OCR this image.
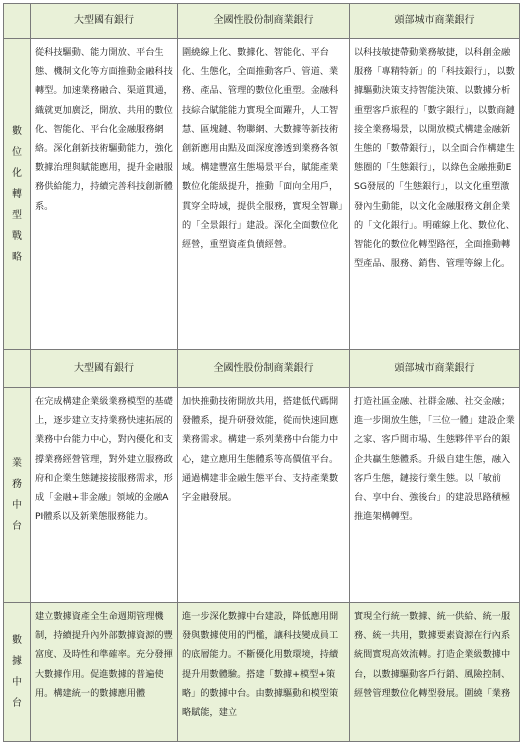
	大型國有銀行	全國性股份制商業銀行	頭部城市商業銀行
數位化轉型戰略	從科技驅動、能力開放、平台生態、機制文化等方面推動金融科技轉型。加速業務融合、渠道貫通，織就更加廣泛，開放、共用的數位化、智能化、平台化金融服務網絡。深化創新技術驅動能力，強化數據治理與賦能應用，提升金融服務供給能力，持續完善科技創新體系。	圍繞線上化、數據化、智能化、平台化、生態化，全面推動客戶、管道、業務、產品、管理的數位化重塑。金融科技綜合賦能能力實現全面躍升，人工智慧、區塊鏈、物聯網、大數據等新技術創新應用由點及面深度滲透到業務各領域。構建豐富生態場景平台，賦能產業數位化能級提升，推動「面向全用戶，貫穿全時域，提供全服務，實現全智聯」的「全景銀行」建設。深化全面數位化經營，重塑資產負債經營。	以科技敏捷帶動業務敏捷，以科創金融服務「專精特新」的「科技銀行」，以數據驅動決策支持智能決策、以數據分析重塑客戶旅程的「數字銀行」，以數商鏈接全業務場景，以開放模式構建金融新生態的「數帶銀行」，以全面合作構建生態圈的「生態銀行」，以綠色金融推動ESG發展的「生態銀行」，以文化重塑激發內生動能，以文化金融服務文創企業的「文化銀行」。明確線上化、數位化、智能化的數位化轉型路徑，全面推動轉型產品、服務、銷售、管理等線上化。
	大型國有銀行	全國性股份制商業銀行	頭部城市商業銀行
業務中台	在完成構建企業級業務模型的基礎上，逐步建立支持業務快速拓展的業務中台能力中心，對內優化和支撐業務經營管理，對外建立服務政府和企業生態鏈接接服務需求，形成「金融+非金融」領域的金融API體系以及新業態服務能力。	加快推動技術開放共用，搭建低代碼開發體系，提升研發效能，從而快速回應業務需求。構建一系列業務中台能力中心，建立應用生態體系等高價值平台。通過構建非金融生態平台、支持產業數字金融發展。	打造社區金融、社群金融、社交金融；進一步開放生態，「三位一體」建設企業之家、客戶間市場、生態夥伴平台的銀企共贏生態體系。升級自建生態，融入客戶生態，鏈接行業生態。以「敏前台、享中台、強後台」的建設思路積極推進架構轉型。
數據中台	建立數據資產全生命週期管理機制，持續提升內外部數據資源的豐富度、及時性和準確率。充分發揮大數據作用。促進數據的普遍使用。構建統一的數據應用體	進一步深化數據中台建設，降低應用開發與數據使用的門檻，讓科技變成員工的底層能力。不斷優化用數環境，持續提升用數體驗。搭建「數據+模型+策略」的數據中台。由數據驅動和模型策略賦能，建立	實現全行統一數據、統一供給、統一服務、統一共用，數據要素資源在行內系統間實現高效流轉。打造企業級數據中台，以數據驅動客戶行銷、風險控制、經營管理數位化轉型發展。圍繞「業務
